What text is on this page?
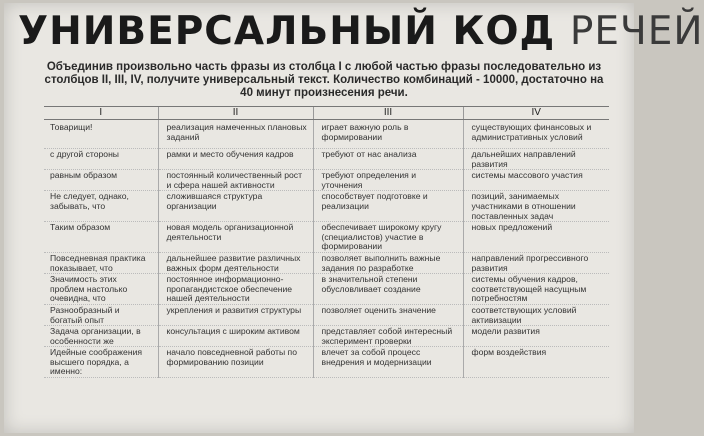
УНИВЕРСАЛЬНЫЙ КОД РЕЧЕЙ
Объединив произвольно часть фразы из столбца I с любой частью фразы последовательно из столбцов II, III, IV, получите универсальный текст. Количество комбинаций - 10000, достаточно на 40 минут произнесения речи.
I	II	III	IV
Товарищи!	реализация намеченных плановых заданий	играет важную роль в формировании	существующих финансовых и административных условий
с другой стороны	рамки и место обучения кадров	требуют от нас анализа	дальнейших направлений развития
равным образом	постоянный количественный рост и сфера нашей активности	требуют определения и уточнения	системы массового участия
Не следует, однако, забывать, что	сложившаяся структура организации	способствует подготовке и реализации	позиций, занимаемых участниками в отношении поставленных задач
Таким образом	новая модель организационной деятельности	обеспечивает широкому кругу (специалистов) участие в формировании	новых предложений
Повседневная практика показывает, что	дальнейшее развитие различных важных форм деятельности	позволяет выполнить важные задания по разработке	направлений прогрессивного развития
Значимость этих проблем настолько очевидна, что	постоянное информационно-пропагандистское обеспечение нашей деятельности	в значительной степени обусловливает создание	системы обучения кадров, соответствующей насущным потребностям
Разнообразный и богатый опыт	укрепления и развития структуры	позволяет оценить значение	соответствующих условий активизации
Задача организации, в особенности же	консультация с широким активом	представляет собой интересный эксперимент проверки	модели развития
Идейные соображения высшего порядка, а именно:	начало повседневной работы по формированию позиции	влечет за собой процесс внедрения и модернизации	форм воздействия
